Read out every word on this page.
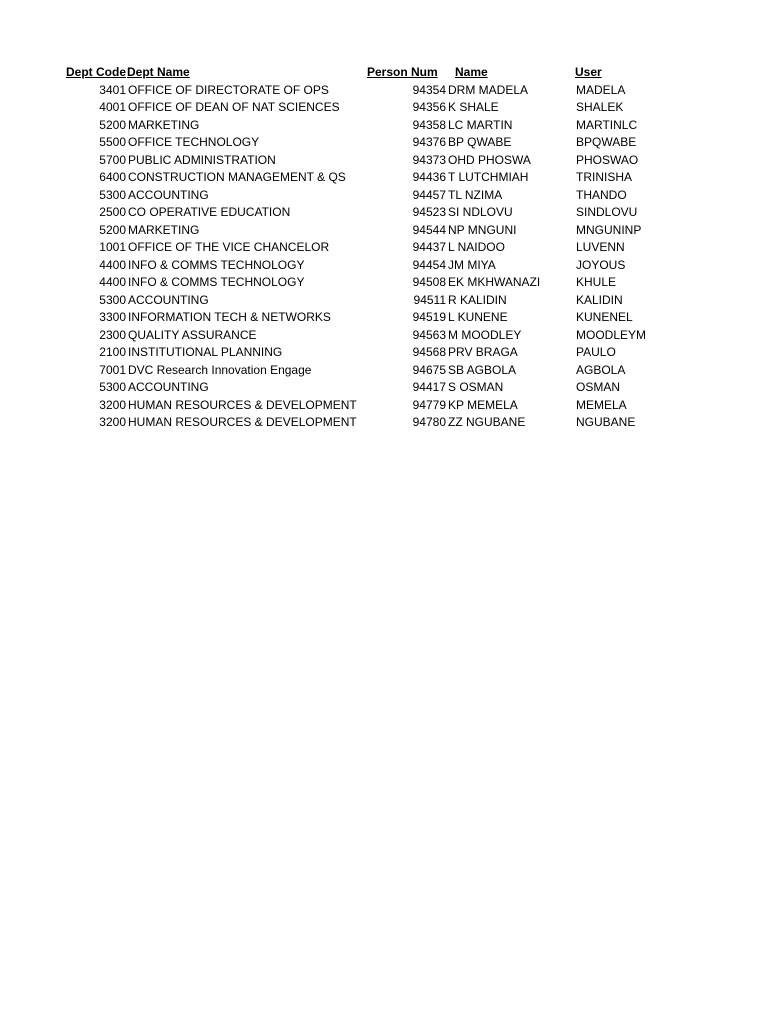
Dept Code	Dept Name	Person Num	Name	User
3401	OFFICE OF DIRECTORATE OF OPS	94354	DRM MADELA	MADELA
4001	OFFICE OF DEAN OF NAT SCIENCES	94356	K SHALE	SHALEK
5200	MARKETING	94358	LC MARTIN	MARTINLC
5500	OFFICE TECHNOLOGY	94376	BP QWABE	BPQWABE
5700	PUBLIC ADMINISTRATION	94373	OHD PHOSWA	PHOSWAO
6400	CONSTRUCTION MANAGEMENT & QS	94436	T LUTCHMIAH	TRINISHA
5300	ACCOUNTING	94457	TL NZIMA	THANDO
2500	CO OPERATIVE EDUCATION	94523	SI NDLOVU	SINDLOVU
5200	MARKETING	94544	NP MNGUNI	MNGUNINP
1001	OFFICE OF THE VICE CHANCELOR	94437	L NAIDOO	LUVENN
4400	INFO & COMMS TECHNOLOGY	94454	JM MIYA	JOYOUS
4400	INFO & COMMS TECHNOLOGY	94508	EK MKHWANAZI	KHULE
5300	ACCOUNTING	94511	R KALIDIN	KALIDIN
3300	INFORMATION TECH & NETWORKS	94519	L KUNENE	KUNENEL
2300	QUALITY ASSURANCE	94563	M MOODLEY	MOODLEYM
2100	INSTITUTIONAL PLANNING	94568	PRV BRAGA	PAULO
7001	DVC Research Innovation Engage	94675	SB AGBOLA	AGBOLA
5300	ACCOUNTING	94417	S OSMAN	OSMAN
3200	HUMAN RESOURCES & DEVELOPMENT	94779	KP MEMELA	MEMELA
3200	HUMAN RESOURCES & DEVELOPMENT	94780	ZZ NGUBANE	NGUBANE
